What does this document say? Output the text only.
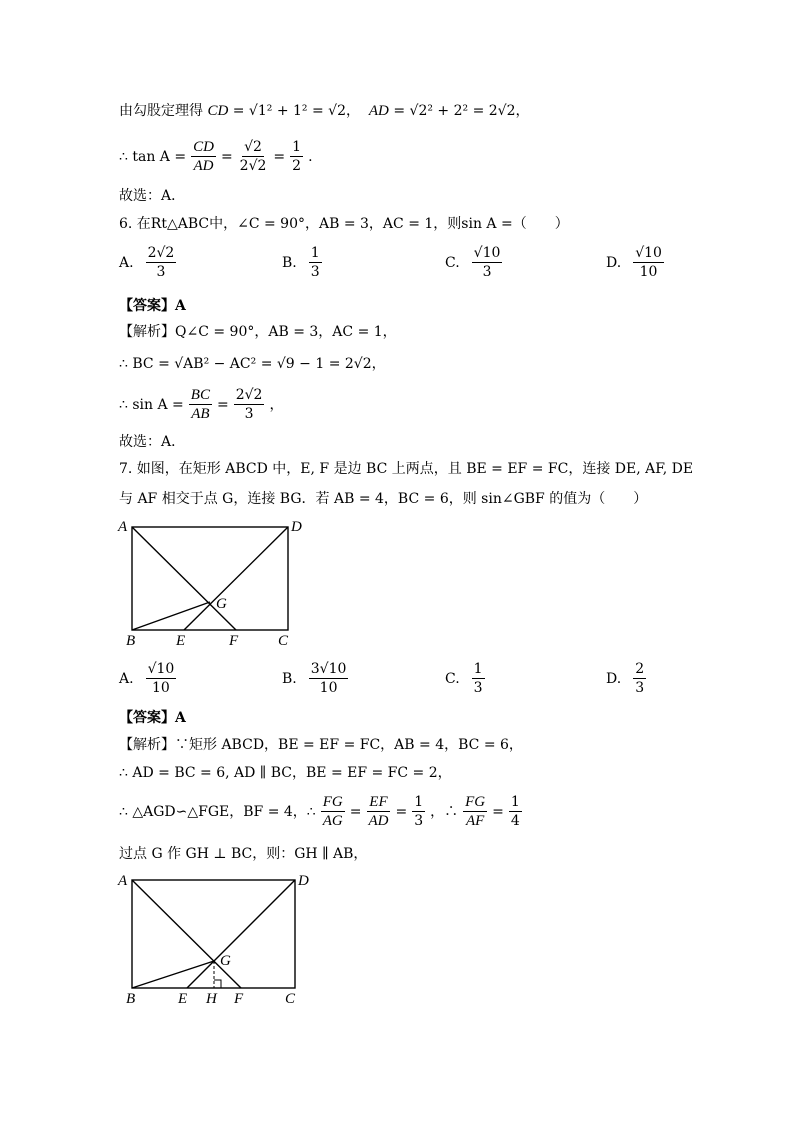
由勾股定理得 CD = √1² + 1² = √2， AD = √2² + 2² = 2√2，
∴ $\tan A = \frac{CD}{AD} = \frac{√2}{2√2} = \frac{1}{2}$ .
故选：A．
6. 在Rt△ABC中，∠C = 90°，AB = 3，AC = 1，则sin A =（　　）
A. $\frac{2√2}{3}$	B. $\frac{1}{3}$	C. $\frac{√10}{3}$	D. $\frac{√10}{10}$
【答案】A
【解析】Q∠C = 90°，AB = 3，AC = 1，
∴ BC = √AB² − AC² = √9 − 1 = 2√2，
∴ $\sin A = \frac{BC}{AB} = \frac{2√2}{3}$ ，
故选：A．
7. 如图，在矩形 ABCD 中，E, F 是边 BC 上两点，且 BE = EF = FC，连接 DE, AF, DE
与 AF 相交于点 G，连接 BG．若 AB = 4，BC = 6，则 sin∠GBF 的值为（　　）
A	D
G
B	E	F	C
A. $\frac{√10}{10}$	B. $\frac{3√10}{10}$	C. $\frac{1}{3}$	D. $\frac{2}{3}$
【答案】A
【解析】∵矩形 ABCD，BE = EF = FC，AB = 4，BC = 6，
∴ AD = BC = 6, AD ∥ BC，BE = EF = FC = 2，
∴ △AGD∽△FGE，BF = 4，∴ $\frac{FG}{AG} = \frac{EF}{AD} = \frac{1}{3}$ ，∴ $\frac{FG}{AF} = \frac{1}{4}$
过点 G 作 GH ⊥ BC，则：GH ∥ AB，
A	D
G
B	E H F	C
